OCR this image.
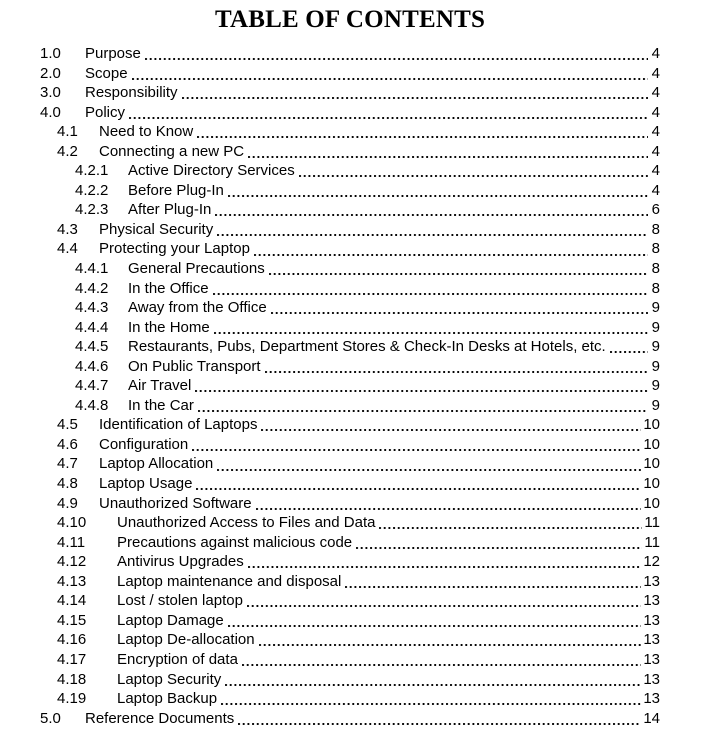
TABLE OF CONTENTS
1.0	Purpose	4
2.0	Scope	4
3.0	Responsibility	4
4.0	Policy	4
4.1	Need to Know	4
4.2	Connecting a new PC	4
4.2.1	Active Directory Services	4
4.2.2	Before Plug-In	4
4.2.3	After Plug-In	6
4.3	Physical Security	8
4.4	Protecting your Laptop	8
4.4.1	General Precautions	8
4.4.2	In the Office	8
4.4.3	Away from the Office	9
4.4.4	In the Home	9
4.4.5	Restaurants, Pubs, Department Stores & Check-In Desks at Hotels, etc.	9
4.4.6	On Public Transport	9
4.4.7	Air Travel	9
4.4.8	In the Car	9
4.5	Identification of Laptops	10
4.6	Configuration	10
4.7	Laptop Allocation	10
4.8	Laptop Usage	10
4.9	Unauthorized Software	10
4.10	Unauthorized Access to Files and Data	11
4.11	Precautions against malicious code	11
4.12	Antivirus Upgrades	12
4.13	Laptop maintenance and disposal	13
4.14	Lost / stolen laptop	13
4.15	Laptop Damage	13
4.16	Laptop De-allocation	13
4.17	Encryption of data	13
4.18	Laptop Security	13
4.19	Laptop Backup	13
5.0	Reference Documents	14
